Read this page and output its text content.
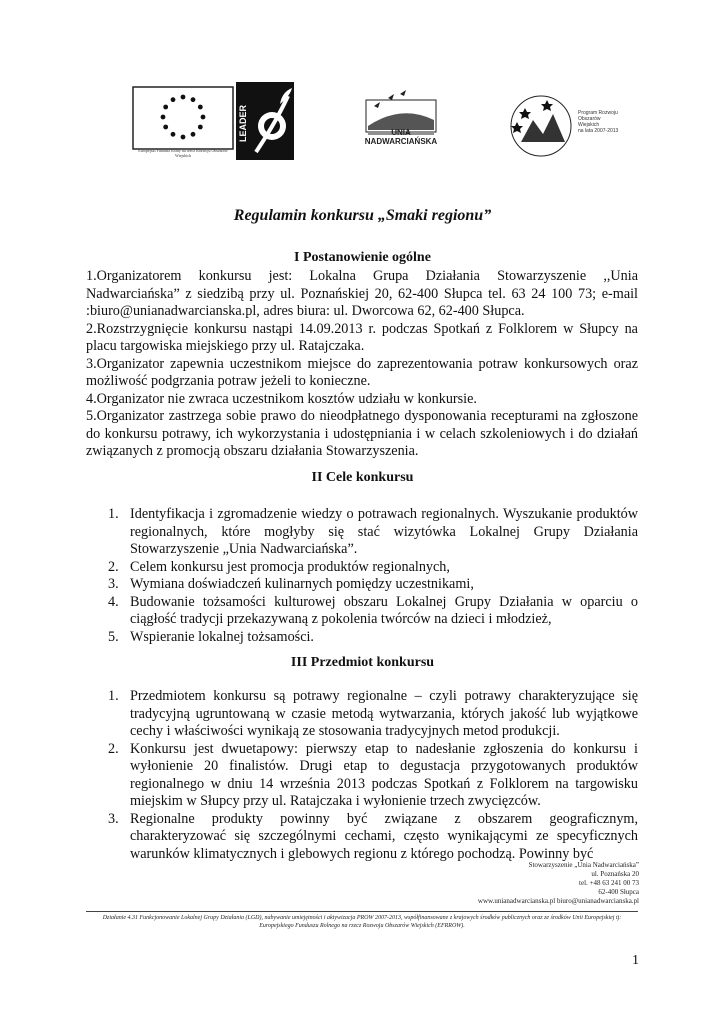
Europejski Fundusz Rolny na rzecz Rozwoju Obszarów Wiejskich
LEADER	UNIA
NADWARCIAŃSKA
Program Rozwoju Obszarów Wiejskich
na lata 2007-2013
Regulamin konkursu „Smaki regionu”
I Postanowienie ogólne
1.Organizatorem konkursu jest: Lokalna Grupa Działania Stowarzyszenie ,,Unia Nadwarciańska” z siedzibą przy ul. Poznańskiej 20, 62-400 Słupca tel. 63 24 100 73; e-mail :biuro@unianadwarcianska.pl, adres biura: ul. Dworcowa 62, 62-400 Słupca.
2.Rozstrzygnięcie konkursu nastąpi 14.09.2013 r. podczas Spotkań z Folklorem w Słupcy na placu targowiska miejskiego przy ul. Ratajczaka.
3.Organizator zapewnia uczestnikom miejsce do zaprezentowania potraw konkursowych oraz możliwość podgrzania potraw jeżeli to konieczne.
4.Organizator nie zwraca uczestnikom kosztów udziału w konkursie.
5.Organizator zastrzega sobie prawo do nieodpłatnego dysponowania recepturami na zgłoszone do konkursu potrawy, ich wykorzystania i udostępniania i w celach szkoleniowych i do działań związanych z promocją obszaru działania Stowarzyszenia.
II Cele konkursu
1. Identyfikacja i zgromadzenie wiedzy o potrawach regionalnych. Wyszukanie produktów regionalnych, które mogłyby się stać wizytówka Lokalnej Grupy Działania Stowarzyszenie „Unia Nadwarciańska”.
2. Celem konkursu jest promocja produktów regionalnych,
3. Wymiana doświadczeń kulinarnych pomiędzy uczestnikami,
4. Budowanie tożsamości kulturowej obszaru Lokalnej Grupy Działania w oparciu o ciągłość tradycji przekazywaną z pokolenia twórców na dzieci i młodzież,
5. Wspieranie lokalnej tożsamości.
III Przedmiot konkursu
1. Przedmiotem konkursu są potrawy regionalne – czyli potrawy charakteryzujące się tradycyjną ugruntowaną w czasie metodą wytwarzania, których jakość lub wyjątkowe cechy i właściwości wynikają ze stosowania tradycyjnych metod produkcji.
2. Konkursu jest dwuetapowy: pierwszy etap to nadesłanie zgłoszenia do konkursu i wyłonienie 20 finalistów. Drugi etap to degustacja przygotowanych produktów regionalnego w dniu 14 września 2013 podczas Spotkań z Folklorem na targowisku miejskim w Słupcy przy ul. Ratajczaka i wyłonienie trzech zwycięzców.
3. Regionalne produkty powinny być związane z obszarem geograficznym, charakteryzować się szczególnymi cechami, często wynikającymi ze specyficznych warunków klimatycznych i glebowych regionu z którego pochodzą. Powinny być
Stowarzyszenie „Unia Nadwarciańska”
ul. Poznańska 20
tel. +48 63 241 00 73
62-400 Słupca
www.unianadwarcianska.pl biuro@unianadwarcianska.pl
Działanie 4.31 Funkcjonowanie Lokalnej Grupy Działania (LGD), nabywanie umiejętności i aktywizacja PROW 2007-2013, współfinansowane z krajowych środków publicznych oraz ze środków Unii Europejskiej tj: Europejskiego Funduszu Rolnego na rzecz Rozwoju Obszarów Wiejskich (EFRROW).
1
